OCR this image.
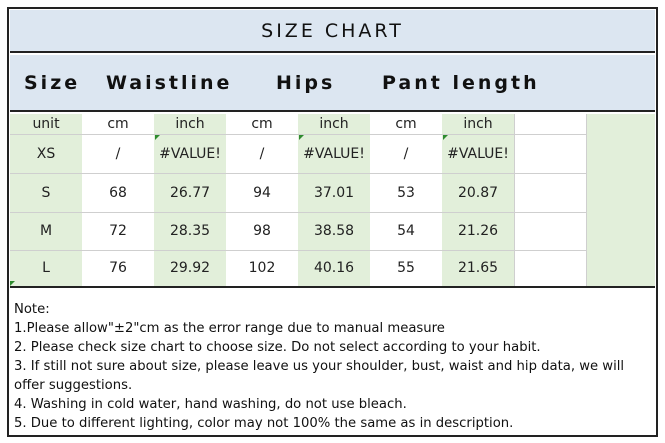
SIZE CHART
Size Waistline Hips Pant length
unit	cm	inch	cm	inch	cm	inch
XS	/	#VALUE!	/	#VALUE!	/	#VALUE!
S	68	26.77	94	37.01	53	20.87
M	72	28.35	98	38.58	54	21.26
L	76	29.92	102	40.16	55	21.65
Note:
1.Please allow"±2"cm as the error range due to manual measure
2. Please check size chart to choose size. Do not select according to your habit.
3. If still not sure about size, please leave us your shoulder, bust, waist and hip data, we will offer suggestions.
4. Washing in cold water, hand washing, do not use bleach.
5. Due to different lighting, color may not 100% the same as in description.
